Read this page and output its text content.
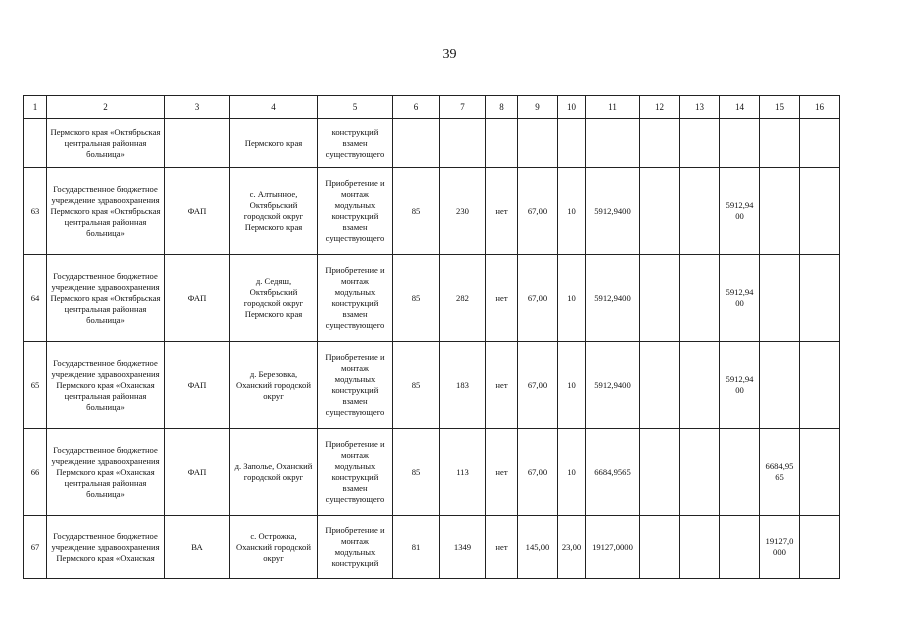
39
1	2	3	4	5	6	7	8	9	10	11	12	13	14	15	16
	Пермского края «Октябрьская центральная районная больница»		Пермского края	конструкций взамен существующего											
63	Государственное бюджетное учреждение здравоохранения Пермского края «Октябрьская центральная районная больница»	ФАП	с. Алтынное, Октябрьский городской округ Пермского края	Приобретение и монтаж модульных конструкций взамен существующего	85	230	нет	67,00	10	5912,9400			5912,94 00		
64	Государственное бюджетное учреждение здравоохранения Пермского края «Октябрьская центральная районная больница»	ФАП	д. Седяш, Октябрьский городской округ Пермского края	Приобретение и монтаж модульных конструкций взамен существующего	85	282	нет	67,00	10	5912,9400			5912,94 00		
65	Государственное бюджетное учреждение здравоохранения Пермского края «Оханская центральная районная больница»	ФАП	д. Березовка, Оханский городской округ	Приобретение и монтаж модульных конструкций взамен существующего	85	183	нет	67,00	10	5912,9400			5912,94 00		
66	Государственное бюджетное учреждение здравоохранения Пермского края «Оханская центральная районная больница»	ФАП	д. Заполье, Оханский городской округ	Приобретение и монтаж модульных конструкций взамен существующего	85	113	нет	67,00	10	6684,9565				6684,95 65	
67	Государственное бюджетное учреждение здравоохранения Пермского края «Оханская	ВА	с. Острожка, Оханский городской округ	Приобретение и монтаж модульных конструкций	81	1349	нет	145,00	23,00	19127,0000				19127,0 000	
